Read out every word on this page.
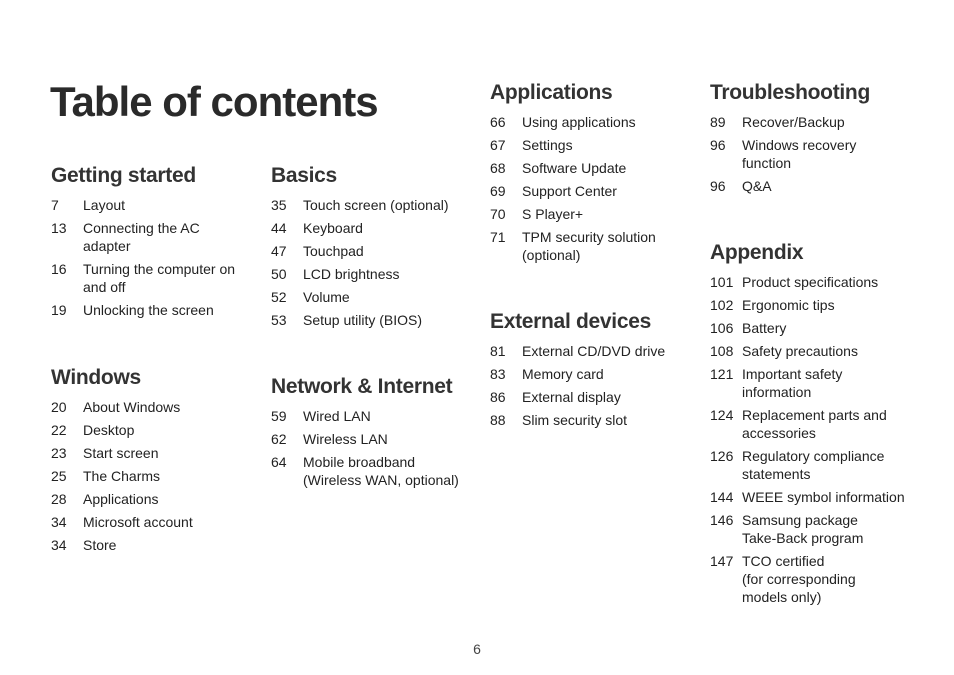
Table of contents
Getting started
7	Layout
13	Connecting the AC
adapter
16	Turning the computer on
and off
19	Unlocking the screen
Windows
20	About Windows
22	Desktop
23	Start screen
25	The Charms
28	Applications
34	Microsoft account
34	Store
Basics
35	Touch screen (optional)
44	Keyboard
47	Touchpad
50	LCD brightness
52	Volume
53	Setup utility (BIOS)
Network & Internet
59	Wired LAN
62	Wireless LAN
64	Mobile broadband
(Wireless WAN, optional)
Applications
66	Using applications
67	Settings
68	Software Update
69	Support Center
70	S Player+
71	TPM security solution
(optional)
External devices
81	External CD/DVD drive
83	Memory card
86	External display
88	Slim security slot
Troubleshooting
89	Recover/Backup
96	Windows recovery
function
96	Q&A
Appendix
101 Product specifications
102 Ergonomic tips
106 Battery
108 Safety precautions
121 Important safety
information
124 Replacement parts and
accessories
126 Regulatory compliance
statements
144 WEEE symbol information
146 Samsung package
Take-Back program
147 TCO certified
(for corresponding
models only)
6
